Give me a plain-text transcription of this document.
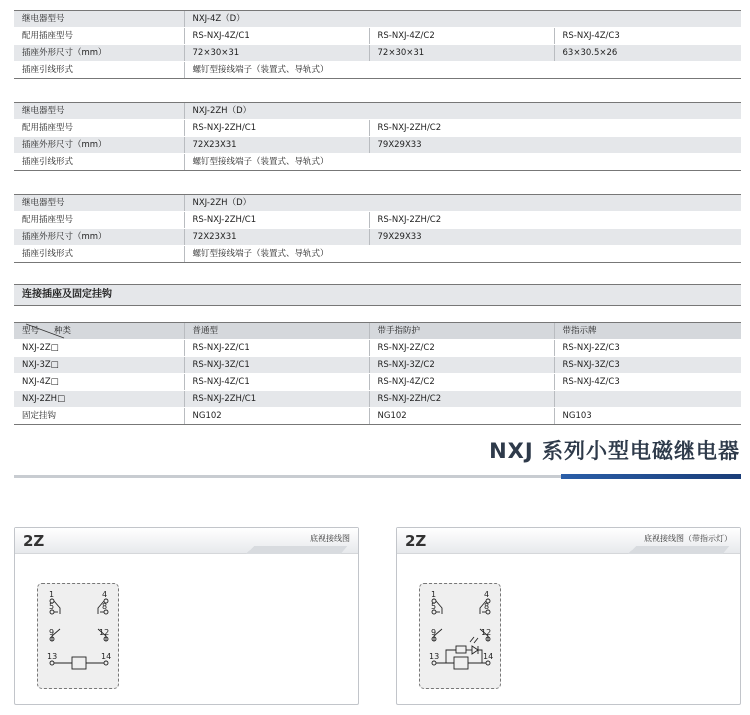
继电器型号	NXJ-4Z（D）		
配用插座型号	RS-NXJ-4Z/C1	RS-NXJ-4Z/C2	RS-NXJ-4Z/C3
插座外形尺寸（mm）	72×30×31	72×30×31	63×30.5×26
插座引线形式	螺钉型接线端子（装置式、导轨式）		
继电器型号	NXJ-2ZH（D）	
配用插座型号	RS-NXJ-2ZH/C1	RS-NXJ-2ZH/C2
插座外形尺寸（mm）	72X23X31	79X29X33
插座引线形式	螺钉型接线端子（装置式、导轨式）	
继电器型号	NXJ-2ZH（D）	
配用插座型号	RS-NXJ-2ZH/C1	RS-NXJ-2ZH/C2
插座外形尺寸（mm）	72X23X31	79X29X33
插座引线形式	螺钉型接线端子（装置式、导轨式）	
连接插座及固定挂钩
型号 种类	普通型	带手指防护	带指示牌
NXJ-2Z□	RS-NXJ-2Z/C1	RS-NXJ-2Z/C2	RS-NXJ-2Z/C3
NXJ-3Z□	RS-NXJ-3Z/C1	RS-NXJ-3Z/C2	RS-NXJ-3Z/C3
NXJ-4Z□	RS-NXJ-4Z/C1	RS-NXJ-4Z/C2	RS-NXJ-4Z/C3
NXJ-2ZH□	RS-NXJ-2ZH/C1	RS-NXJ-2ZH/C2	
固定挂钩	NG102	NG102	NG103
NXJ 系列小型电磁继电器
2Z	底视接线图
1	4
5	8
9	12
13	14
2Z	底视接线图（带指示灯）
1	4
5	8
9	12
13	14
